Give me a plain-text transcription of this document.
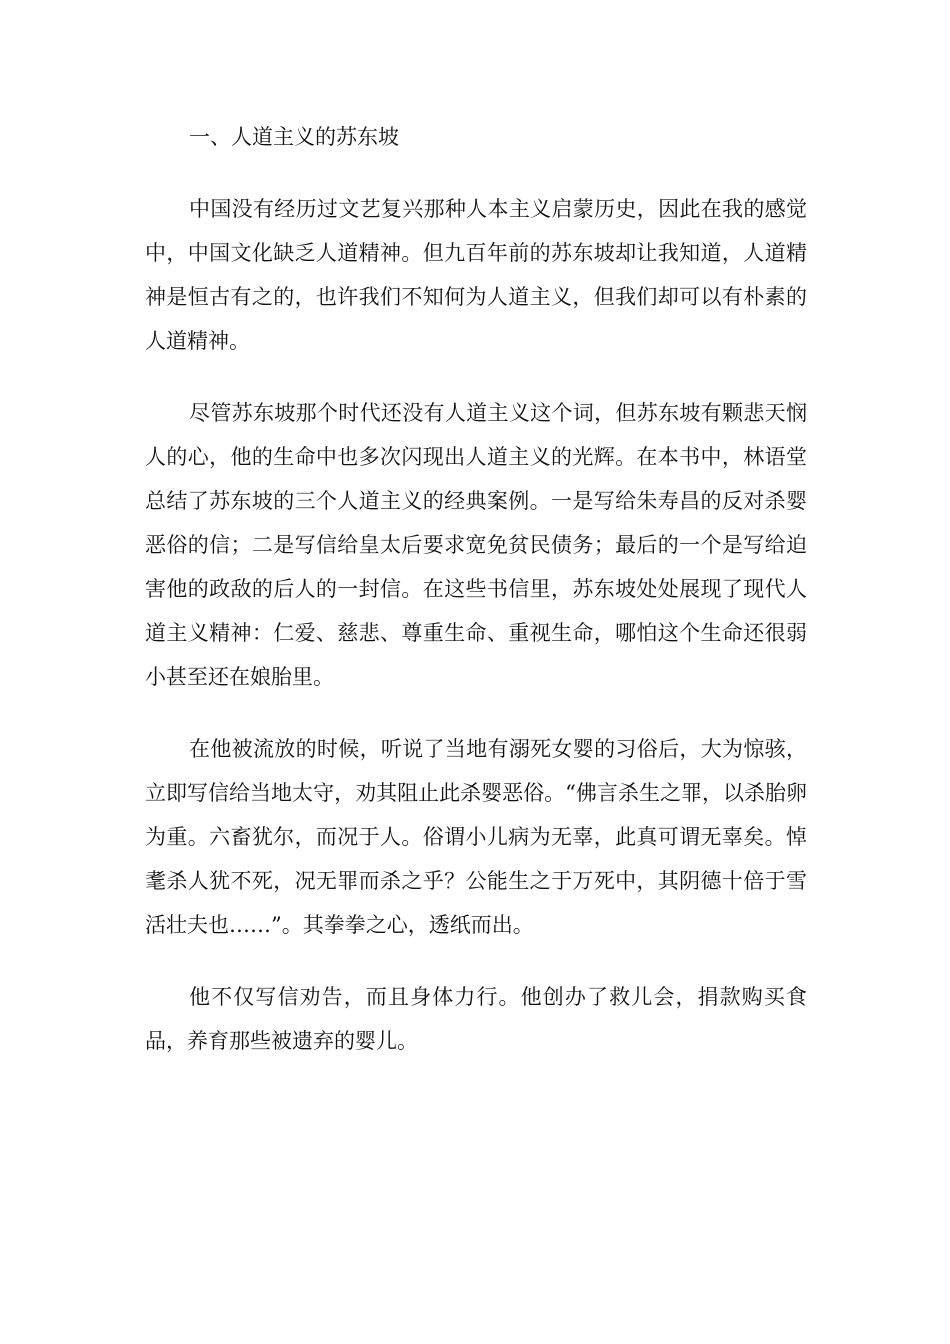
一、人道主义的苏东坡

中国没有经历过文艺复兴那种人本主义启蒙历史，因此在我的感觉中，中国文化缺乏人道精神。但九百年前的苏东坡却让我知道，人道精神是恒古有之的，也许我们不知何为人道主义，但我们却可以有朴素的人道精神。

尽管苏东坡那个时代还没有人道主义这个词，但苏东坡有颗悲天悯人的心，他的生命中也多次闪现出人道主义的光辉。在本书中，林语堂总结了苏东坡的三个人道主义的经典案例。一是写给朱寿昌的反对杀婴恶俗的信；二是写信给皇太后要求宽免贫民债务；最后的一个是写给迫害他的政敌的后人的一封信。在这些书信里，苏东坡处处展现了现代人道主义精神：仁爱、慈悲、尊重生命、重视生命，哪怕这个生命还很弱小甚至还在娘胎里。

在他被流放的时候，听说了当地有溺死女婴的习俗后，大为惊骇，立即写信给当地太守，劝其阻止此杀婴恶俗。“佛言杀生之罪，以杀胎卵为重。六畜犹尔，而况于人。俗谓小儿病为无辜，此真可谓无辜矣。悼耄杀人犹不死，况无罪而杀之乎？公能生之于万死中，其阴德十倍于雪活壮夫也……”。其拳拳之心，透纸而出。

他不仅写信劝告，而且身体力行。他创办了救儿会，捐款购买食品，养育那些被遗弃的婴儿。
